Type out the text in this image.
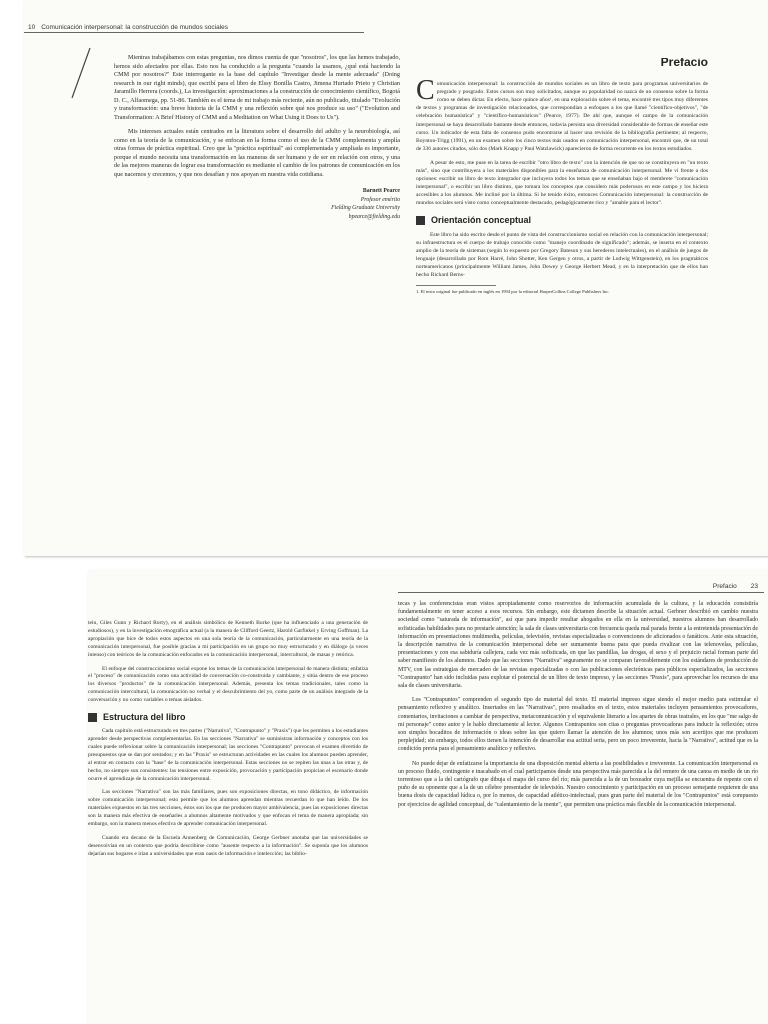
10 Comunicación interpersonal: la construcción de mundos sociales

Mientras trabajábamos con estas preguntas, nos dimos cuenta de que "nosotros", los que las hemos trabajado, hemos sido afectados por ellas. Esto nos ha conducido a la pregunta "cuando la usamos, ¿qué está haciendo la CMM por nosotros?" Este interrogante es la base del capítulo "Investigar desde la mente adecuada" (Doing research in our right minds), que escribí para el libro de Elssy Bonilla Castro, Jimena Hurtado Prieto y Christian Jaramillo Herrera (coords.), La investigación: aproximaciones a la construcción de conocimiento científico, Bogotá D. C., Alfaomega, pp. 51-86. También es el tema de mi trabajo más reciente, aún no publicado, titulado "Evolución y transformación: una breve historia de la CMM y una reflexión sobre qué nos produce su uso" ("Evolution and Transformation: A Brief History of CMM and a Meditation on What Using it Does to Us").

Mis intereses actuales están centrados en la literatura sobre el desarrollo del adulto y la neurobiología, así como en la teoría de la comunicación, y se enfocan en la forma como el uso de la CMM complementa y amplía otras formas de práctica espiritual. Creo que la "práctica espiritual" así complementada y ampliada es importante, porque el mundo necesita una transformación en las maneras de ser humano y de ser en relación con otros, y una de las mejores maneras de lograr esa transformación es mediante el cambio de los patrones de comunicación en los que nacemos y crecemos, y que nos desafían y nos apoyan en nuestra vida cotidiana.

Barnett Pearce
Profesor emérito
Fielding Graduate University
bpearce@fielding.edu
Prefacio

Comunicación interpersonal: la construcción de mundos sociales es un libro de texto para programas universitarios de pregrado y posgrado. Estos cursos son muy solicitados, aunque su popularidad no nazca de un consenso sobre la forma como se deben dictar. En efecto, hace quince años¹, en una exploración sobre el tema, encontré tres tipos muy diferentes de textos y programas de investigación relacionados, que correspondían a enfoques a los que llamé "científico-objetivos", "de celebración humanística" y "científico-humanísticos" (Pearce, 1977). De ahí que, aunque el campo de la comunicación interpersonal se haya desarrollado bastante desde entonces, todavía persista una diversidad considerable de formas de enseñar este curso. Un indicador de esta falta de consenso pudo encontrarse al hacer una revisión de la bibliografía pertinente; al respecto, Boynton-Trigg (1991), en un examen sobre los cinco textos más usados en comunicación interpersonal, encontró que, de un total de 336 autores citados, sólo dos (Mark Knapp y Paul Watzlawick) aparecieron de forma recurrente en los textos estudiados.

A pesar de esto, me puse en la tarea de escribir "otro libro de texto" con la intención de que no se constituyera en "un texto más", sino que contribuyera a los materiales disponibles para la enseñanza de comunicación interpersonal. Me vi frente a dos opciones: escribir un libro de texto integrador que incluyera todos los temas que se enseñaban bajo el membrete "comunicación interpersonal", o escribir un libro distinto, que tomara los conceptos que considero más poderosos en este campo y los hiciera accesibles a los alumnos. Me incliné por la última. Si he tenido éxito, entonces Comunicación interpersonal: la construcción de mundos sociales será visto como conceptualmente destacado, pedagógicamente rico y "amable para el lector".

Orientación conceptual

Este libro ha sido escrito desde el punto de vista del construccionismo social en relación con la comunicación interpersonal; su infraestructura es el cuerpo de trabajo conocido como "manejo coordinado de significado"; además, se inserta en el contexto amplio de la teoría de sistemas (según lo expuesto por Gregory Bateson y sus herederos intelectuales), en el análisis de juegos de lenguaje (desarrollado por Rom Harré, John Shotter, Ken Gergen y otros, a partir de Ludwig Wittgenstein), en los pragmáticos norteamericanos (principalmente William James, John Dewey y George Herbert Mead, y en la interpretación que de ellos han hecho Richard Berns-

1. El texto original fue publicado en inglés en 1994 por la editorial HarperCollins College Publishers Inc.

tein, Giles Gunn y Richard Rorty), en el análisis simbólico de Kenneth Burke (que ha influenciado a una generación de estudiosos), y en la investigación etnográfica actual (a la manera de Clifford Geertz, Harold Garfinkel y Erving Goffman). La apropiación que hice de todos estos aspectos en una sola teoría de la comunicación, particularmente en una teoría de la comunicación interpersonal, fue posible gracias a mi participación en un grupo no muy estructurado y en diálogo (a veces intenso) con teóricos de la comunicación enfocados en la comunicación interpersonal, intercultural, de masas y retórica.

El enfoque del construccionismo social expone los temas de la comunicación interpersonal de manera distinta; enfatiza el "proceso" de comunicación como una actividad de conversación co-construida y cambiante, y sitúa dentro de ese proceso los diversos "productos" de la comunicación interpersonal. Además, presenta los temas tradicionales, tales como la comunicación intercultural, la comunicación no verbal y el descubrimiento del yo, como parte de un análisis integrado de la conversación y no como variables o temas aislados.

Estructura del libro

Cada capítulo está estructurado en tres partes ("Narrativa", "Contrapunto" y "Praxis") que les permiten a los estudiantes aprender desde perspectivas complementarias. En las secciones "Narrativa" se suministran información y conceptos con los cuales puede reflexionar sobre la comunicación interpersonal; las secciones "Contrapunto" provocan el examen divertido de presupuestos que se dan por sentados; y en las "Praxis" se estructuran actividades en las cuales los alumnos pueden aprender, al entrar en contacto con la "base" de la comunicación interpersonal. Estas secciones no se repiten las unas a las otras y, de hecho, no siempre son consistentes: las tensiones entre exposición, provocación y participación propician el escenario donde ocurre el aprendizaje de la comunicación interpersonal.

Las secciones "Narrativa" son las más familiares, pues son exposiciones directas, en tono didáctico, de información sobre comunicación interpersonal; esto permite que los alumnos aprendan mientras recuerdan lo que han leído. De los materiales expuestos en las tres secciones, éstos son los que me producen mayor ambivalencia, pues las exposiciones directas son la manera más efectiva de enseñarles a alumnos altamente motivados y que enfocan el tema de manera apropiada; sin embargo, son la manera menos efectiva de aprender comunicación interpersonal.

Cuando era decano de la Escuela Annenberg de Comunicación, George Gerbner anotaba que las universidades se desenvolvían en un contexto que podría describirse como "ausente respecto a la información". Se suponía que los alumnos dejarían sus hogares e irían a universidades que eran oasis de información e intelección; las biblio-

Prefacio 23

tecas y las conferencistas eran vistos apropiadamente como reservorios de información acumulada de la cultura, y la educación consistiría fundamentalmente en tener acceso a esos recursos. Sin embargo, este dictamen describe la situación actual. Gerbner describió en cambio nuestra sociedad como "saturada de información", así que para impedir resultar ahogados en ella en la universidad, nuestros alumnos han desarrollado sofisticadas habilidades para no prestarle atención; la sala de clases universitaria con frecuencia queda mal parada frente a la entretenida presentación de información en presentaciones multimedia, películas, televisión, revistas especializadas o convenciones de aficionados o fanáticos. Ante esta situación, la descripción narrativa de la comunicación interpersonal debe ser sumamente buena para que pueda rivalizar con las telenovelas, películas, presentaciones y con esa sabiduría callejera, cada vez más sofisticada, en que las pandillas, las drogas, el sexo y el prejuicio racial forman parte del saber manifiesto de los alumnos. Dado que las secciones "Narrativa" seguramente no se comparan favorablemente con los estándares de producción de MTV, con las estrategias de mercadeo de las revistas especializadas o con las publicaciones electrónicas para públicos especializados, las secciones "Contrapunto" han sido incluidas para explotar el potencial de un libro de texto impreso, y las secciones "Praxis", para aprovechar los recursos de una sala de clases universitaria.

Los "Contrapuntos" comprenden el segundo tipo de material del texto. El material impreso sigue siendo el mejor medio para estimular el pensamiento reflexivo y analítico. Insertados en las "Narrativas", pero resaltados en el texto, estos materiales incluyen pensamientos provocadores, comentarios, invitaciones a cambiar de perspectiva, metacomunicación y el equivalente literario a los apartes de obras teatrales, en los que "me salgo de mi personaje" como autor y le hablo directamente al lector. Algunos Contrapuntos son citas o preguntas provocadoras para inducir la reflexión; otros son simples bocaditos de información o ideas sobre las que quiero llamar la atención de los alumnos; unos más son acertijos que me producen perplejidad; sin embargo, todos ellos tienen la intención de desarrollar esa actitud seria, pero un poco irreverente, hacia la "Narrativa", actitud que es la condición previa para el pensamiento analítico y reflexivo.

No puede dejar de enfatizarse la importancia de una disposición mental abierta a las posibilidades e irreverente. La comunicación interpersonal es un proceso fluido, contingente e inacabado en el cual participamos desde una perspectiva más parecida a la del remero de una canoa en medio de un río torrentoso que a la del cartógrafo que dibuja el mapa del curso del río; más parecida a la de un boxeador cuya mejilla se encuentra de repente con el puño de su oponente que a la de un célebre presentador de televisión. Nuestro conocimiento y participación en un proceso semejante requieren de una buena dosis de capacidad lúdica o, por lo menos, de capacidad atlético-intelectual, pues gran parte del material de los "Contrapuntos" está compuesto por ejercicios de agilidad conceptual, de "calentamiento de la mente", que permiten una práctica más flexible de la comunicación interpersonal.
